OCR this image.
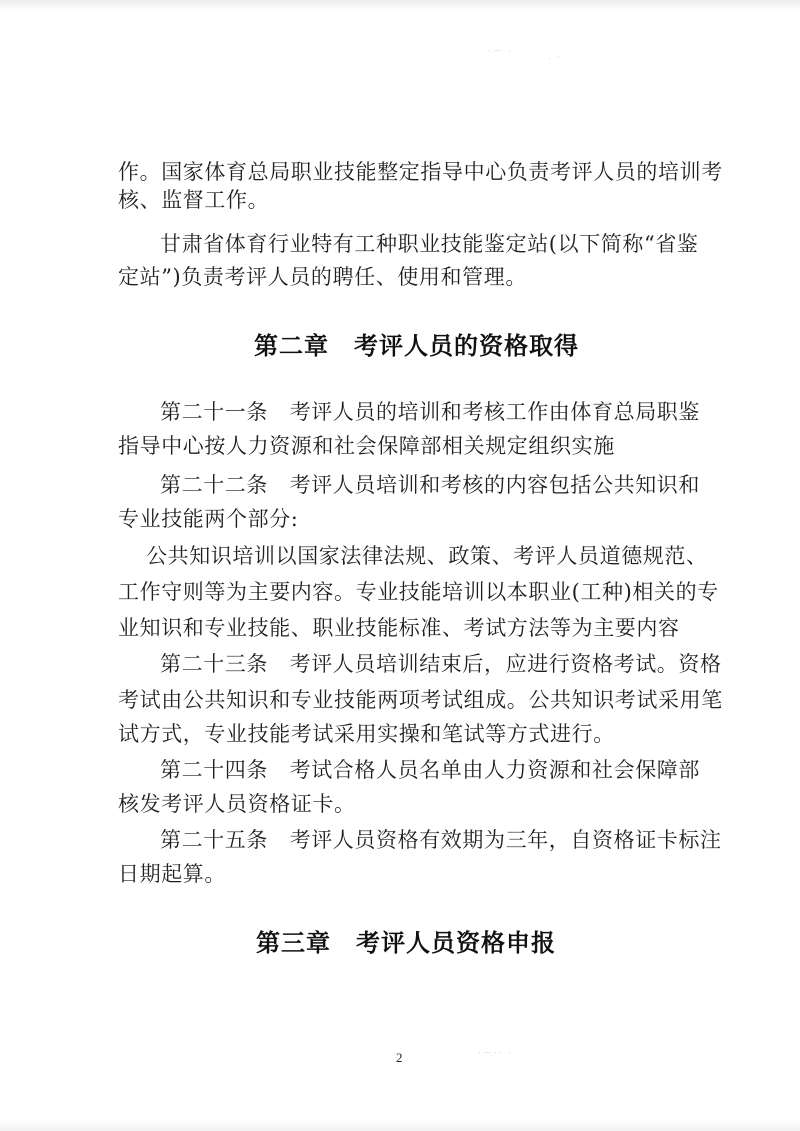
·－ ·
· '
·－·· ·

作。国家体育总局职业技能整定指导中心负责考评人员的培训考

核、监督工作。

甘肃省体育行业特有工种职业技能鉴定站(以下简称“省鉴

定站”)负责考评人员的聘任、使用和管理。

第二章　考评人员的资格取得

第二十一条　考评人员的培训和考核工作由体育总局职鉴

指导中心按人力资源和社会保障部相关规定组织实施

第二十二条　考评人员培训和考核的内容包括公共知识和

专业技能两个部分:

公共知识培训以国家法律法规、政策、考评人员道德规范、

工作守则等为主要内容。专业技能培训以本职业(工种)相关的专

业知识和专业技能、职业技能标准、考试方法等为主要内容

第二十三条　考评人员培训结束后，应进行资格考试。资格

考试由公共知识和专业技能两项考试组成。公共知识考试采用笔

试方式，专业技能考试采用实操和笔试等方式进行。

第二十四条　考试合格人员名单由人力资源和社会保障部

核发考评人员资格证卡。

第二十五条　考评人员资格有效期为三年，自资格证卡标注

日期起算。

第三章　考评人员资格申报

2
